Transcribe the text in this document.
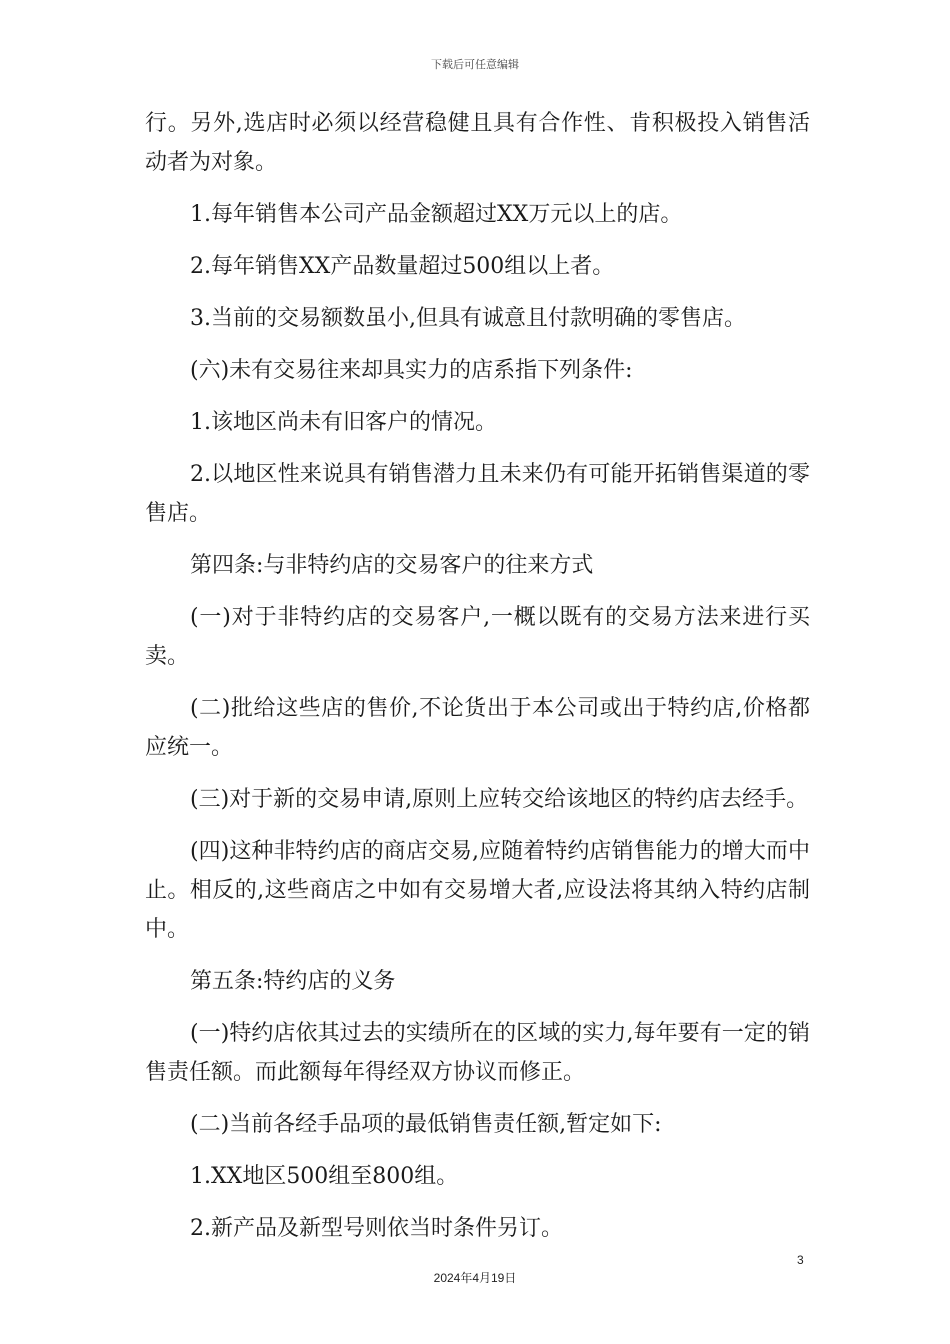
下载后可任意编辑

行。另外,选店时必须以经营稳健且具有合作性、肯积极投入销售活动者为对象。

1.每年销售本公司产品金额超过XX万元以上的店。

2.每年销售XX产品数量超过500组以上者。

3.当前的交易额数虽小,但具有诚意且付款明确的零售店。

(六)未有交易往来却具实力的店系指下列条件:

1.该地区尚未有旧客户的情况。

2.以地区性来说具有销售潜力且未来仍有可能开拓销售渠道的零售店。

第四条:与非特约店的交易客户的往来方式

(一)对于非特约店的交易客户,一概以既有的交易方法来进行买卖。

(二)批给这些店的售价,不论货出于本公司或出于特约店,价格都应统一。

(三)对于新的交易申请,原则上应转交给该地区的特约店去经手。

(四)这种非特约店的商店交易,应随着特约店销售能力的增大而中止。相反的,这些商店之中如有交易增大者,应设法将其纳入特约店制中。

第五条:特约店的义务

(一)特约店依其过去的实绩所在的区域的实力,每年要有一定的销售责任额。而此额每年得经双方协议而修正。

(二)当前各经手品项的最低销售责任额,暂定如下:

1.XX地区500组至800组。

2.新产品及新型号则依当时条件另订。

3
2024年4月19日
